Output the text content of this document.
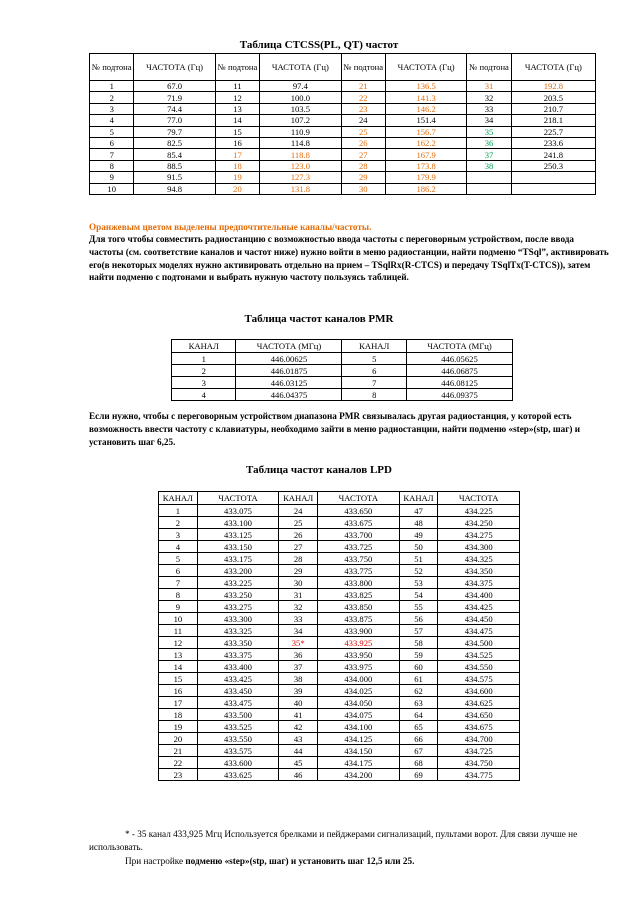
Таблица CTCSS(PL, QT) частот
№ подтона	ЧАСТОТА (Гц)	№ подтона	ЧАСТОТА (Гц)	№ подтона	ЧАСТОТА (Гц)	№ подтона	ЧАСТОТА (Гц)
1	67.0	11	97.4	21	136.5	31	192.8
2	71.9	12	100.0	22	141.3	32	203.5
3	74.4	13	103.5	23	146.2	33	210.7
4	77.0	14	107.2	24	151.4	34	218.1
5	79.7	15	110.9	25	156.7	35	225.7
6	82.5	16	114.8	26	162.2	36	233.6
7	85.4	17	118.8	27	167.9	37	241.8
8	88.5	18	123.0	28	173.8	38	250.3
9	91.5	19	127.3	29	179.9		
10	94.8	20	131.8	30	186.2		
Оранжевым цветом выделены предпочтительные каналы/частоты.
Для того чтобы совместить радиостанцию с возможностью ввода частоты с переговорным устройством, после ввода частоты (см. соответствие каналов и частот ниже) нужно войти в меню радиостанции, найти подменю “TSql”, активировать его(в некоторых моделях нужно активировать отдельно на прием – TSqlRx(R-CTCS) и передачу TSqlTx(T-CTCS)), затем найти подменю с подтонами и выбрать нужную частоту пользуясь таблицей.
Таблица частот каналов PMR
КАНАЛ	ЧАСТОТА (МГц)	КАНАЛ	ЧАСТОТА (МГц)
1	446.00625	5	446.05625
2	446.01875	6	446.06875
3	446.03125	7	446.08125
4	446.04375	8	446.09375
Если нужно, чтобы с переговорным устройством диапазона PMR связывалась другая радиостанция, у которой есть возможность ввести частоту с клавиатуры, необходимо зайти в меню радиостанции, найти подменю «step»(stp, шаг) и установить шаг 6,25.
Таблица частот каналов LPD
КАНАЛ	ЧАСТОТА	КАНАЛ	ЧАСТОТА	КАНАЛ	ЧАСТОТА
1	433.075	24	433.650	47	434.225
2	433.100	25	433.675	48	434.250
3	433.125	26	433.700	49	434.275
4	433.150	27	433.725	50	434.300
5	433.175	28	433.750	51	434.325
6	433.200	29	433.775	52	434.350
7	433.225	30	433.800	53	434.375
8	433.250	31	433.825	54	434.400
9	433.275	32	433.850	55	434.425
10	433.300	33	433.875	56	434.450
11	433.325	34	433.900	57	434.475
12	433.350	35*	433.925	58	434.500
13	433.375	36	433.950	59	434.525
14	433.400	37	433.975	60	434.550
15	433.425	38	434.000	61	434.575
16	433.450	39	434.025	62	434.600
17	433.475	40	434.050	63	434.625
18	433.500	41	434.075	64	434.650
19	433.525	42	434.100	65	434.675
20	433.550	43	434.125	66	434.700
21	433.575	44	434.150	67	434.725
22	433.600	45	434.175	68	434.750
23	433.625	46	434.200	69	434.775
* - 35 канал 433,925 Мгц Используется брелками и пейджерами сигнализаций, пультами ворот. Для связи лучше не использовать.
При настройке подменю «step»(stp, шаг) и установить шаг 12,5 или 25.
